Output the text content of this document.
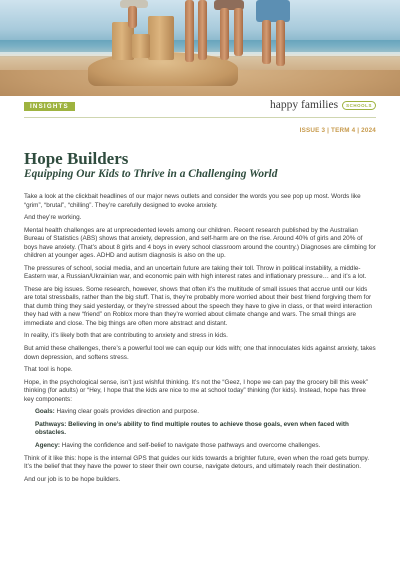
INSIGHTS	happy families	SCHOOLS
ISSUE 3 | TERM 4 | 2024
Hope Builders
Equipping Our Kids to Thrive in a Challenging World

Take a look at the clickbait headlines of our major news outlets and consider the words you see pop up most. Words like “grim”, “brutal”, “chilling”. They’re carefully designed to evoke anxiety.

And they’re working.

Mental health challenges are at unprecedented levels among our children. Recent research published by the Australian Bureau of Statistics (ABS) shows that anxiety, depression, and self-harm are on the rise. Around 40% of girls and 20% of boys have anxiety. (That’s about 8 girls and 4 boys in every school classroom around the country.) Diagnoses are climbing for children at younger ages. ADHD and autism diagnosis is also on the up.

The pressures of school, social media, and an uncertain future are taking their toll. Throw in political instability, a middle-Eastern war, a Russian/Ukrainian war, and economic pain with high interest rates and inflationary pressure… and it’s a lot.

These are big issues. Some research, however, shows that often it’s the multitude of small issues that accrue until our kids are total stressballs, rather than the big stuff. That is, they’re probably more worried about their best friend forgiving them for that dumb thing they said yesterday, or they’re stressed about the speech they have to give in class, or that weird interaction they had with a new “friend” on Roblox more than they’re worried about climate change and wars. The small things are immediate and close. The big things are often more abstract and distant.

In reality, it’s likely both that are contributing to anxiety and stress in kids.

But amid these challenges, there’s a powerful tool we can equip our kids with; one that innoculates kids against anxiety, takes down depression, and softens stress.

That tool is hope.

Hope, in the psychological sense, isn’t just wishful thinking. It’s not the “Geez, I hope we can pay the grocery bill this week” thinking (for adults) or “Hey, I hope that the kids are nice to me at school today” thinking (for kids). Instead, hope has three key components:

Goals: Having clear goals provides direction and purpose.

Pathways: Believing in one’s ability to find multiple routes to achieve those goals, even when faced with obstacles.

Agency: Having the confidence and self-belief to navigate those pathways and overcome challenges.

Think of it like this: hope is the internal GPS that guides our kids towards a brighter future, even when the road gets bumpy. It’s the belief that they have the power to steer their own course, navigate detours, and ultimately reach their destination.

And our job is to be hope builders.
